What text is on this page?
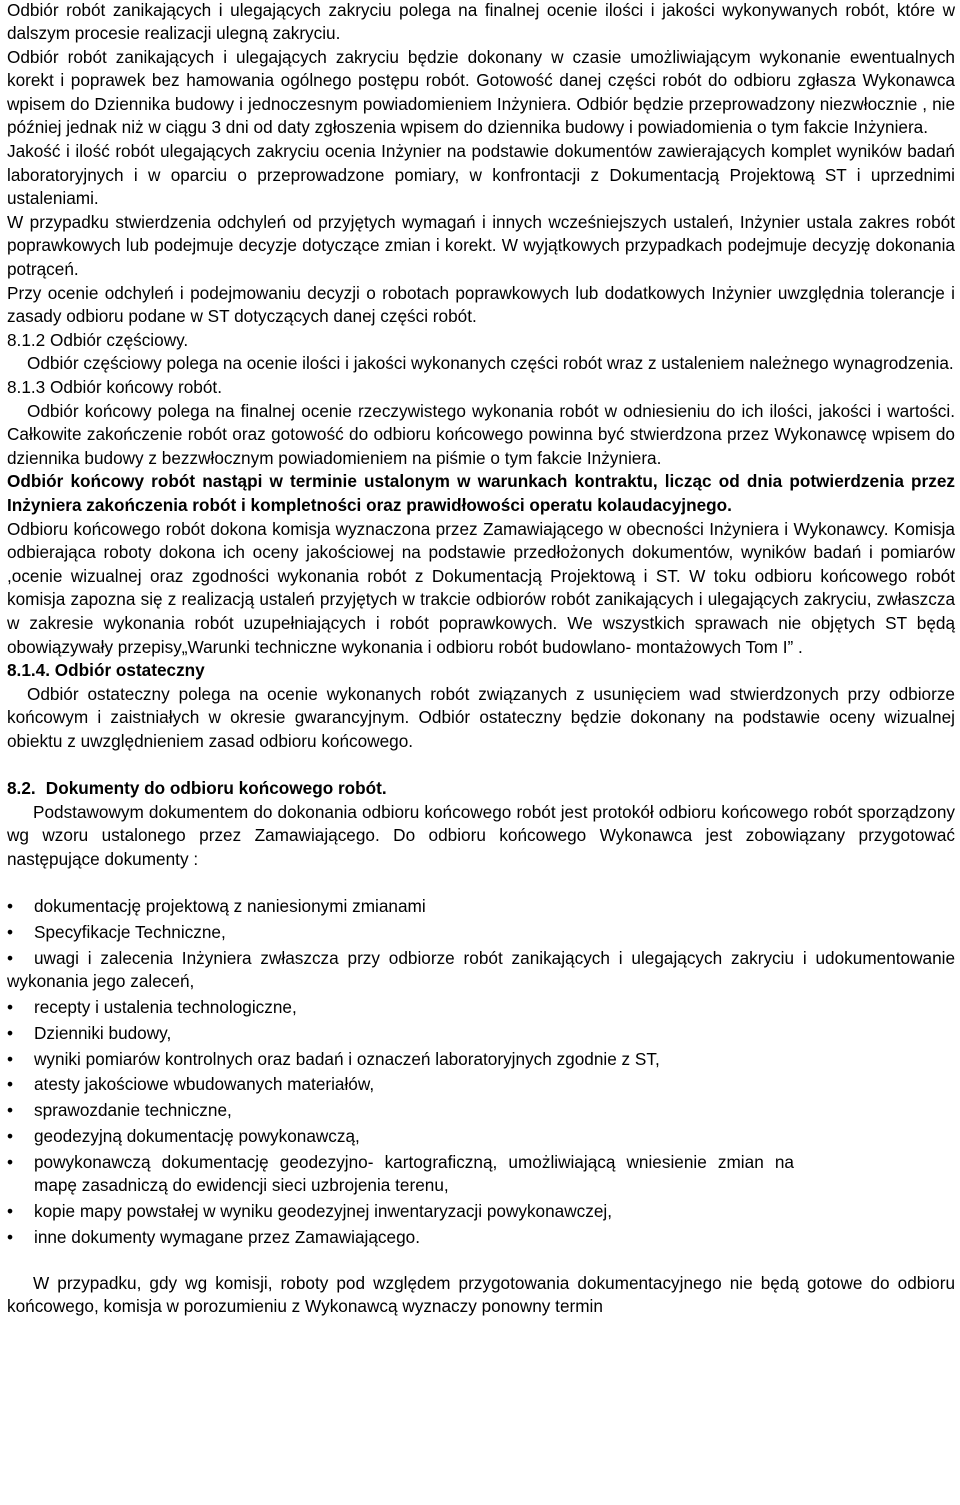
Odbiór robót zanikających i ulegających zakryciu polega na finalnej ocenie ilości i jakości wykonywanych robót, które w dalszym procesie realizacji ulegną zakryciu.

Odbiór robót zanikających i ulegających zakryciu będzie dokonany w czasie umożliwiającym wykonanie ewentualnych korekt i poprawek bez hamowania ogólnego postępu robót. Gotowość danej części robót do odbioru zgłasza Wykonawca wpisem do Dziennika budowy i jednoczesnym powiadomieniem Inżyniera. Odbiór będzie przeprowadzony niezwłocznie , nie później jednak niż w ciągu 3 dni od daty zgłoszenia wpisem do dziennika budowy i powiadomienia o tym fakcie Inżyniera.

Jakość i ilość robót ulegających zakryciu ocenia Inżynier na podstawie dokumentów zawierających komplet wyników badań laboratoryjnych i w oparciu o przeprowadzone pomiary, w konfrontacji z Dokumentacją Projektową ST i uprzednimi ustaleniami.

W przypadku stwierdzenia odchyleń od przyjętych wymagań i innych wcześniejszych ustaleń, Inżynier ustala zakres robót poprawkowych lub podejmuje decyzje dotyczące zmian i korekt. W wyjątkowych przypadkach podejmuje decyzję dokonania potrąceń.

Przy ocenie odchyleń i podejmowaniu decyzji o robotach poprawkowych lub dodatkowych Inżynier uwzględnia tolerancje i zasady odbioru podane w ST dotyczących danej części robót.

8.1.2 Odbiór częściowy.

Odbiór częściowy polega na ocenie ilości i jakości wykonanych części robót wraz z ustaleniem należnego wynagrodzenia.

8.1.3 Odbiór końcowy robót.

Odbiór końcowy polega na finalnej ocenie rzeczywistego wykonania robót w odniesieniu do ich ilości, jakości i wartości. Całkowite zakończenie robót oraz gotowość do odbioru końcowego powinna być stwierdzona przez Wykonawcę wpisem do dziennika budowy z bezzwłocznym powiadomieniem na piśmie o tym fakcie Inżyniera.

Odbiór końcowy robót nastąpi w terminie ustalonym w warunkach kontraktu, licząc od dnia potwierdzenia przez Inżyniera zakończenia robót i kompletności oraz prawidłowości operatu kolaudacyjnego.

Odbioru końcowego robót dokona komisja wyznaczona przez Zamawiającego w obecności Inżyniera i Wykonawcy. Komisja odbierająca roboty dokona ich oceny jakościowej na podstawie przedłożonych dokumentów, wyników badań i pomiarów ,ocenie wizualnej oraz zgodności wykonania robót z Dokumentacją Projektową i ST. W toku odbioru końcowego robót komisja zapozna się z realizacją ustaleń przyjętych w trakcie odbiorów robót zanikających i ulegających zakryciu, zwłaszcza w zakresie wykonania robót uzupełniających i robót poprawkowych. We wszystkich sprawach nie objętych ST będą obowiązywały przepisy„Warunki techniczne wykonania i odbioru robót budowlano- montażowych Tom I” .

8.1.4. Odbiór ostateczny

Odbiór ostateczny polega na ocenie wykonanych robót związanych z usunięciem wad stwierdzonych przy odbiorze końcowym i zaistniałych w okresie gwarancyjnym. Odbiór ostateczny będzie dokonany na podstawie oceny wizualnej obiektu z uwzględnieniem zasad odbioru końcowego.

8.2. Dokumenty do odbioru końcowego robót.

Podstawowym dokumentem do dokonania odbioru końcowego robót jest protokół odbioru końcowego robót sporządzony wg wzoru ustalonego przez Zamawiającego. Do odbioru końcowego Wykonawca jest zobowiązany przygotować następujące dokumenty :

• dokumentację projektową z naniesionymi zmianami
• Specyfikacje Techniczne,
• uwagi i zalecenia Inżyniera zwłaszcza przy odbiorze robót zanikających i ulegających zakryciu i udokumentowanie wykonania jego zaleceń,
• recepty i ustalenia technologiczne,
• Dzienniki budowy,
• wyniki pomiarów kontrolnych oraz badań i oznaczeń laboratoryjnych zgodnie z ST,
• atesty jakościowe wbudowanych materiałów,
• sprawozdanie techniczne,
• geodezyjną dokumentację powykonawczą,
• powykonawczą dokumentację geodezyjno- kartograficzną, umożliwiającą wniesienie zmian na mapę zasadniczą do ewidencji sieci uzbrojenia terenu,
• kopie mapy powstałej w wyniku geodezyjnej inwentaryzacji powykonawczej,
• inne dokumenty wymagane przez Zamawiającego.

W przypadku, gdy wg komisji, roboty pod względem przygotowania dokumentacyjnego nie będą gotowe do odbioru końcowego, komisja w porozumieniu z Wykonawcą wyznaczy ponowny termin
